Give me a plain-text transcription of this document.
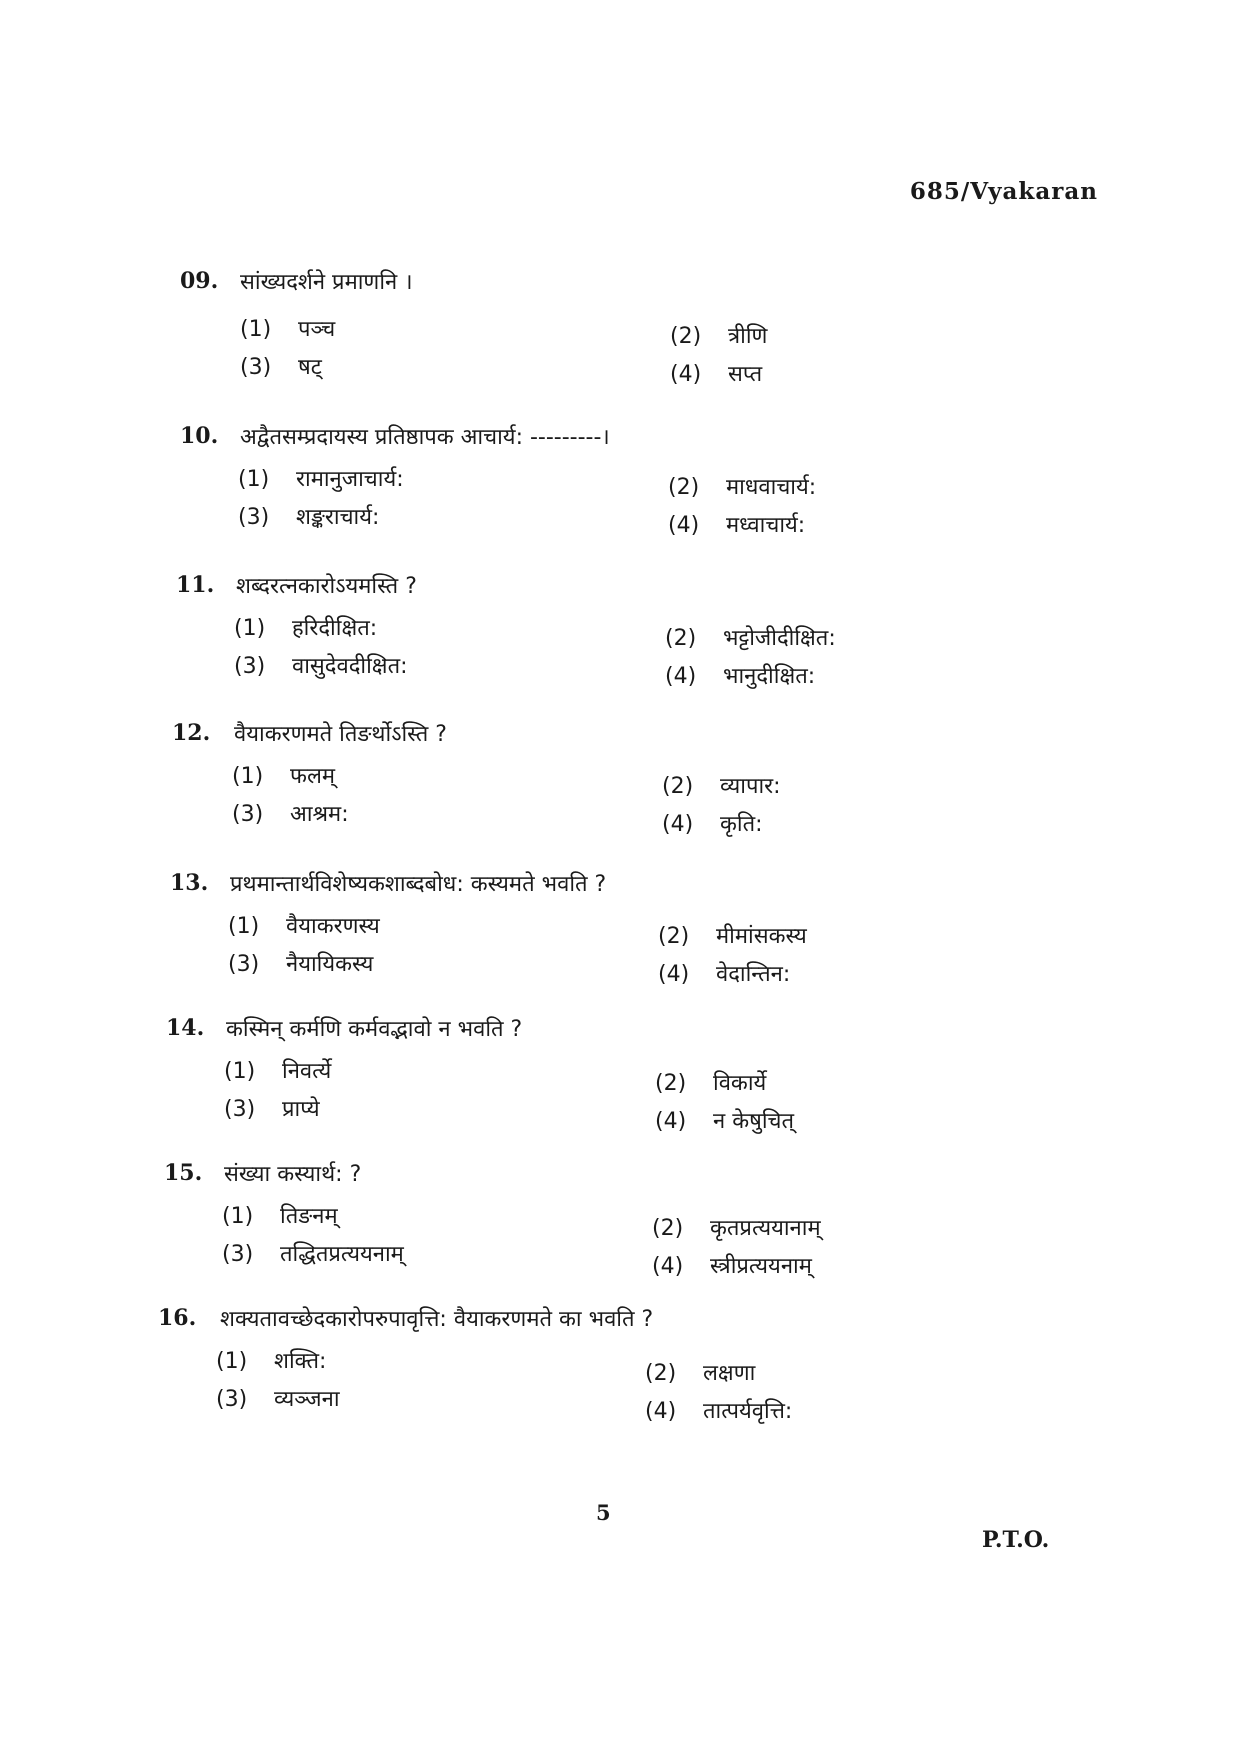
685/Vyakaran
09. सांख्यदर्शने प्रमाणनि ।
(1) पञ्च	(2) त्रीणि
(3) षट्	(4) सप्त
10. अद्वैतसम्प्रदायस्य प्रतिष्ठापक आचार्य: ---------।
(1) रामानुजाचार्य:	(2) माधवाचार्य:
(3) शङ्कराचार्य:	(4) मध्वाचार्य:
11. शब्दरत्नकारोऽयमस्ति ?
(1) हरिदीक्षित:	(2) भट्टोजीदीक्षित:
(3) वासुदेवदीक्षित:	(4) भानुदीक्षित:
12. वैयाकरणमते तिङर्थोऽस्ति ?
(1) फलम्	(2) व्यापार:
(3) आश्रम:	(4) कृति:
13. प्रथमान्तार्थविशेष्यकशाब्दबोध: कस्यमते भवति ?
(1) वैयाकरणस्य	(2) मीमांसकस्य
(3) नैयायिकस्य	(4) वेदान्तिन:
14. कस्मिन् कर्मणि कर्मवद्भावो न भवति ?
(1) निवर्त्ये	(2) विकार्ये
(3) प्राप्ये	(4) न केषुचित्
15. संख्या कस्यार्थ: ?
(1) तिङनम्	(2) कृतप्रत्ययानाम्
(3) तद्धितप्रत्ययनाम्	(4) स्त्रीप्रत्ययनाम्
16. शक्यतावच्छेदकारोपरुपावृत्ति: वैयाकरणमते का भवति ?
(1) शक्ति:	(2) लक्षणा
(3) व्यञ्जना	(4) तात्पर्यवृत्ति:
5
P.T.O.
